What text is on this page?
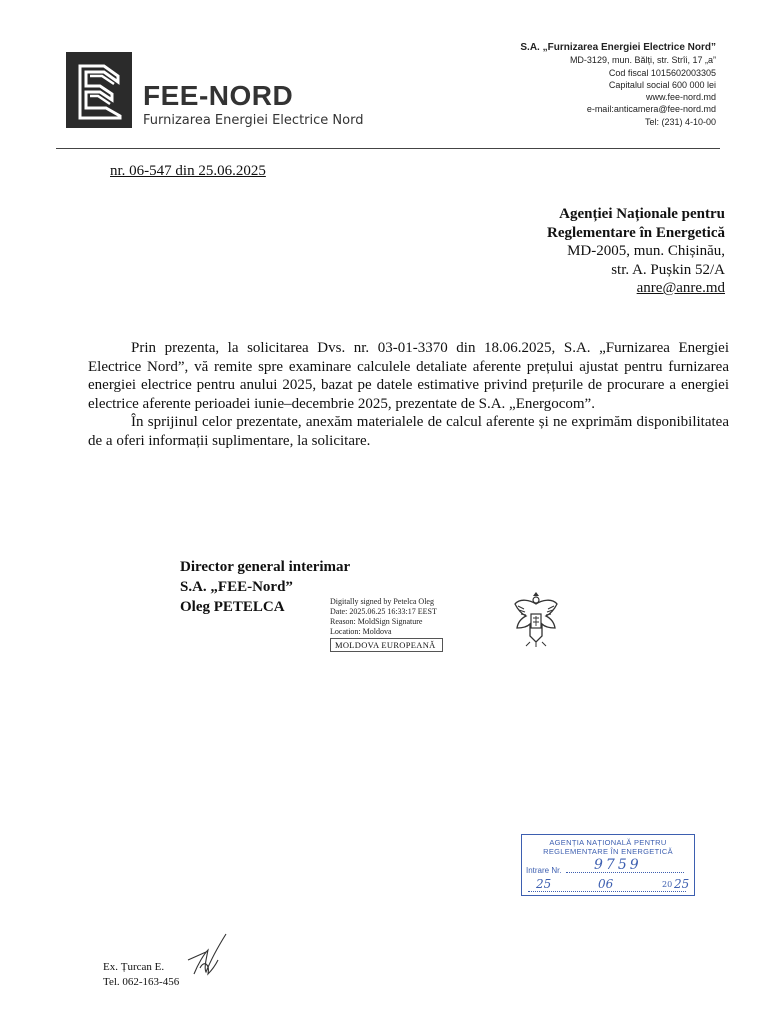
FEE-NORD
Furnizarea Energiei Electrice Nord
S.A. „Furnizarea Energiei Electrice Nord”
MD-3129, mun. Bălți, str. Strîi, 17 „a”
Cod fiscal 1015602003305
Capitalul social 600 000 lei
www.fee-nord.md
e-mail:anticamera@fee-nord.md
Tel: (231) 4-10-00
nr. 06-547 din 25.06.2025
Agenției Naționale pentru
Reglementare în Energetică
MD-2005, mun. Chișinău,
str. A. Pușkin 52/A
anre@anre.md

Prin prezenta, la solicitarea Dvs. nr. 03-01-3370 din 18.06.2025, S.A. „Furnizarea Energiei Electrice Nord”, vă remite spre examinare calculele detaliate aferente prețului ajustat pentru furnizarea energiei electrice pentru anului 2025, bazat pe datele estimative privind prețurile de procurare a energiei electrice aferente perioadei iunie–decembrie 2025, prezentate de S.A. „Energocom”.

În sprijinul celor prezentate, anexăm materialele de calcul aferente și ne exprimăm disponibilitatea de a oferi informații suplimentare, la solicitare.

Director general interimar
S.A. „FEE-Nord”
Oleg PETELCA	Digitally signed by Petelca Oleg
Date: 2025.06.25 16:33:17 EEST
Reason: MoldSign Signature
Location: Moldova
MOLDOVA EUROPEANĂ
AGENȚIA NAȚIONALĂ PENTRU
REGLEMENTARE ÎN ENERGETICĂ
Intrare Nr. 9759
25	06	20 25
Ex. Țurcan E.
Tel. 062-163-456
